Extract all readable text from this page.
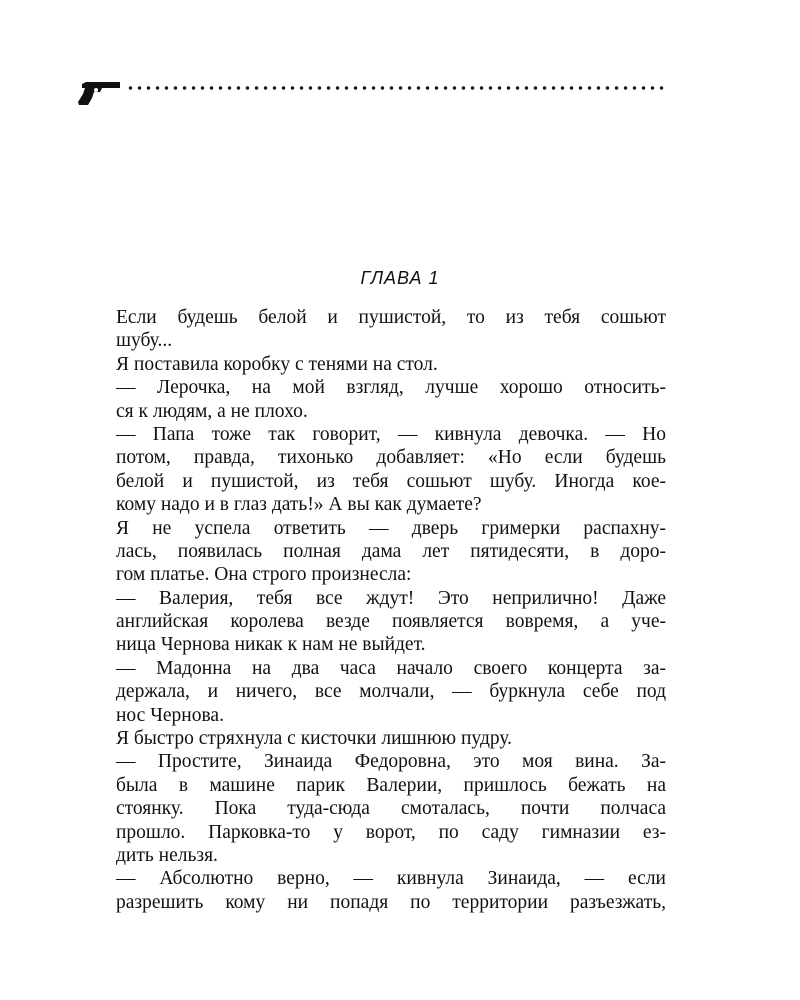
ГЛАВА 1
Если будешь белой и пушистой, то из тебя сошьют
шубу...
Я поставила коробку с тенями на стол.
— Лерочка, на мой взгляд, лучше хорошо относить-
ся к людям, а не плохо.
— Папа тоже так говорит, — кивнула девочка. — Но
потом, правда, тихонько добавляет: «Но если будешь
белой и пушистой, из тебя сошьют шубу. Иногда кое-
кому надо и в глаз дать!» А вы как думаете?
Я не успела ответить — дверь гримерки распахну-
лась, появилась полная дама лет пятидесяти, в доро-
гом платье. Она строго произнесла:
— Валерия, тебя все ждут! Это неприлично! Даже
английская королева везде появляется вовремя, а уче-
ница Чернова никак к нам не выйдет.
— Мадонна на два часа начало своего концерта за-
держала, и ничего, все молчали, — буркнула себе под
нос Чернова.
Я быстро стряхнула с кисточки лишнюю пудру.
— Простите, Зинаида Федоровна, это моя вина. За-
была в машине парик Валерии, пришлось бежать на
стоянку. Пока туда-сюда смоталась, почти полчаса
прошло. Парковка-то у ворот, по саду гимназии ез-
дить нельзя.
— Абсолютно верно, — кивнула Зинаида, — если
разрешить кому ни попадя по территории разъезжать,
